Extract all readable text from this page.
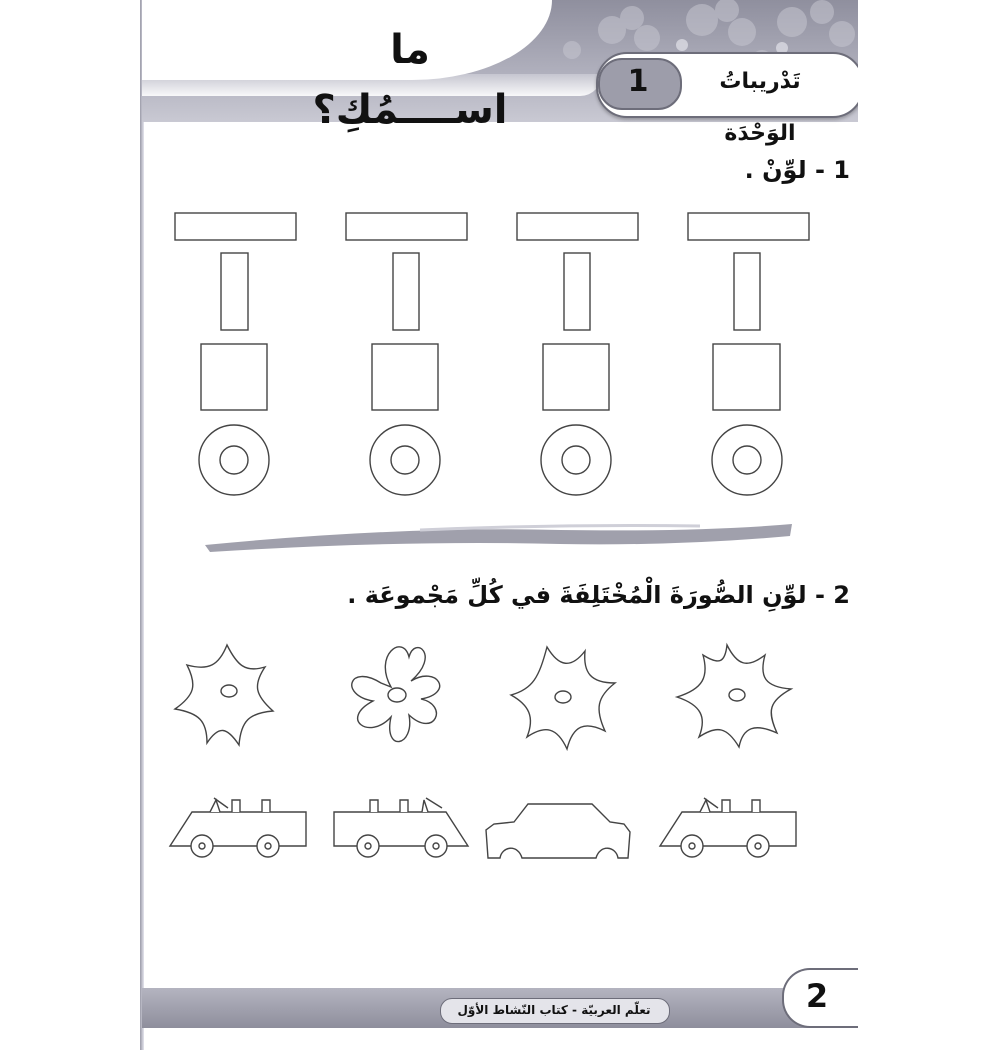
ما اســــمُكِ؟
تَدْريباتُ الوَحْدَة
1
1 - لوِّنْ .
2 - لوِّنِ الصُّورَةَ الْمُخْتَلِفَةَ في كُلِّ مَجْموعَة .
تعلّم العربيّة - كتاب النّشاط الأوّل	2
